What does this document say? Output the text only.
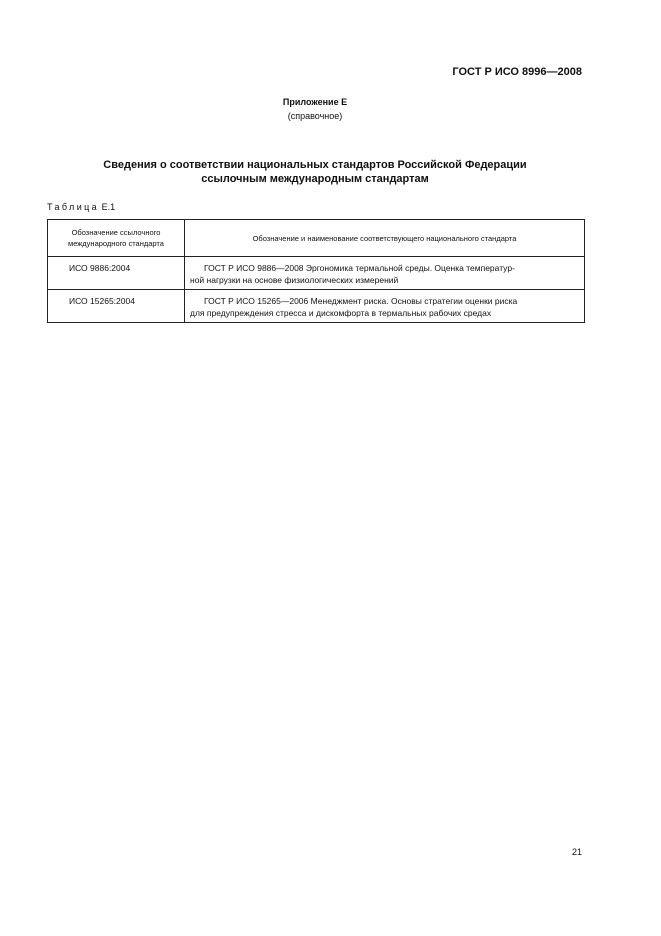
ГОСТ Р ИСО 8996—2008
Приложение Е
(справочное)
Сведения о соответствии национальных стандартов Российской Федерации
ссылочным международным стандартам
Таблица Е.1
Обозначение ссылочного
международного стандарта	Обозначение и наименование соответствующего национального стандарта
ИСО 9886:2004	ГОСТ Р ИСО 9886—2008 Эргономика термальной среды. Оценка температур-
ной нагрузки на основе физиологических измерений

ИСО 15265:2004	ГОСТ Р ИСО 15265—2006 Менеджмент риска. Основы стратегии оценки риска
для предупреждения стресса и дискомфорта в термальных рабочих средах
21
